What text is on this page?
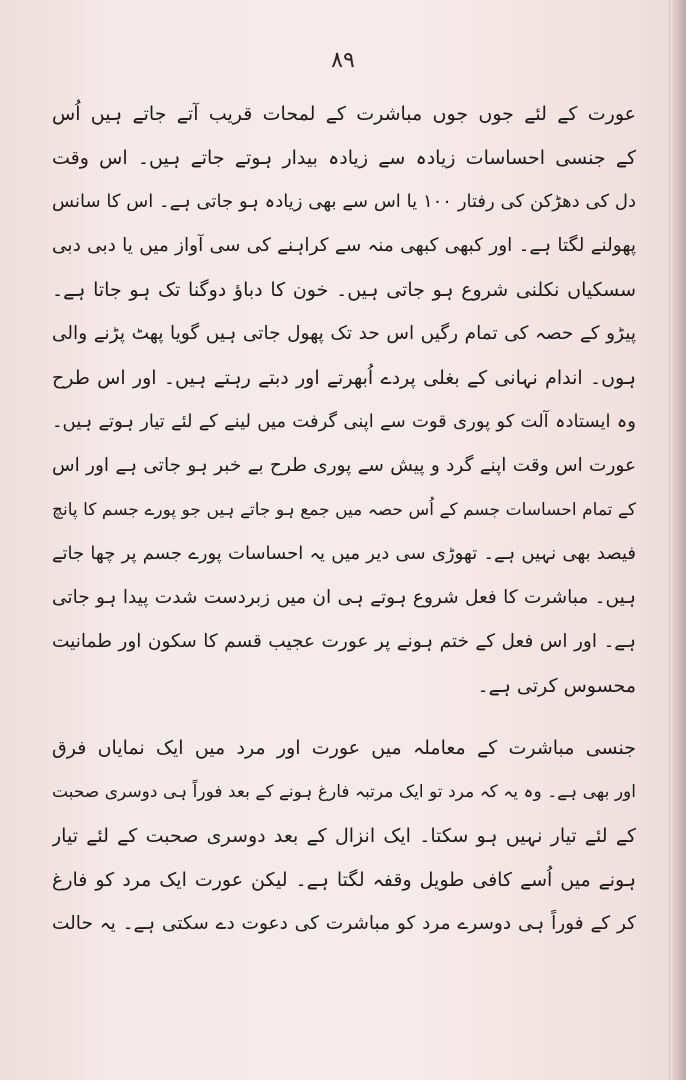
۸۹
عورت کے لئے جوں جوں مباشرت کے لمحات قریب آتے جاتے ہیں اُس
کے جنسی احساسات زیادہ سے زیادہ بیدار ہوتے جاتے ہیں۔ اس وقت
دل کی دھڑکن کی رفتار ۱۰۰ یا اس سے بھی زیادہ ہو جاتی ہے۔ اس کا سانس
پھولنے لگتا ہے۔ اور کبھی کبھی منہ سے کراہنے کی سی آواز میں یا دبی دبی
سسکیاں نکلنی شروع ہو جاتی ہیں۔ خون کا دباؤ دوگنا تک ہو جاتا ہے۔
پیڑو کے حصہ کی تمام رگیں اس حد تک پھول جاتی ہیں گویا پھٹ پڑنے والی
ہوں۔ اندام نہانی کے بغلی پردے اُبھرتے اور دبتے رہتے ہیں۔ اور اس طرح
وہ ایستادہ آلت کو پوری قوت سے اپنی گرفت میں لینے کے لئے تیار ہوتے ہیں۔
عورت اس وقت اپنے گرد و پیش سے پوری طرح بے خبر ہو جاتی ہے اور اس
کے تمام احساسات جسم کے اُس حصہ میں جمع ہو جاتے ہیں جو پورے جسم کا پانچ
فیصد بھی نہیں ہے۔ تھوڑی سی دیر میں یہ احساسات پورے جسم پر چھا جاتے
ہیں۔ مباشرت کا فعل شروع ہوتے ہی ان میں زبردست شدت پیدا ہو جاتی
ہے۔ اور اس فعل کے ختم ہونے پر عورت عجیب قسم کا سکون اور طمانیت
محسوس کرتی ہے۔
جنسی مباشرت کے معاملہ میں عورت اور مرد میں ایک نمایاں فرق
اور بھی ہے۔ وہ یہ کہ مرد تو ایک مرتبہ فارغ ہونے کے بعد فوراً ہی دوسری صحبت
کے لئے تیار نہیں ہو سکتا۔ ایک انزال کے بعد دوسری صحبت کے لئے تیار
ہونے میں اُسے کافی طویل وقفہ لگتا ہے۔ لیکن عورت ایک مرد کو فارغ
کر کے فوراً ہی دوسرے مرد کو مباشرت کی دعوت دے سکتی ہے۔ یہ حالت
